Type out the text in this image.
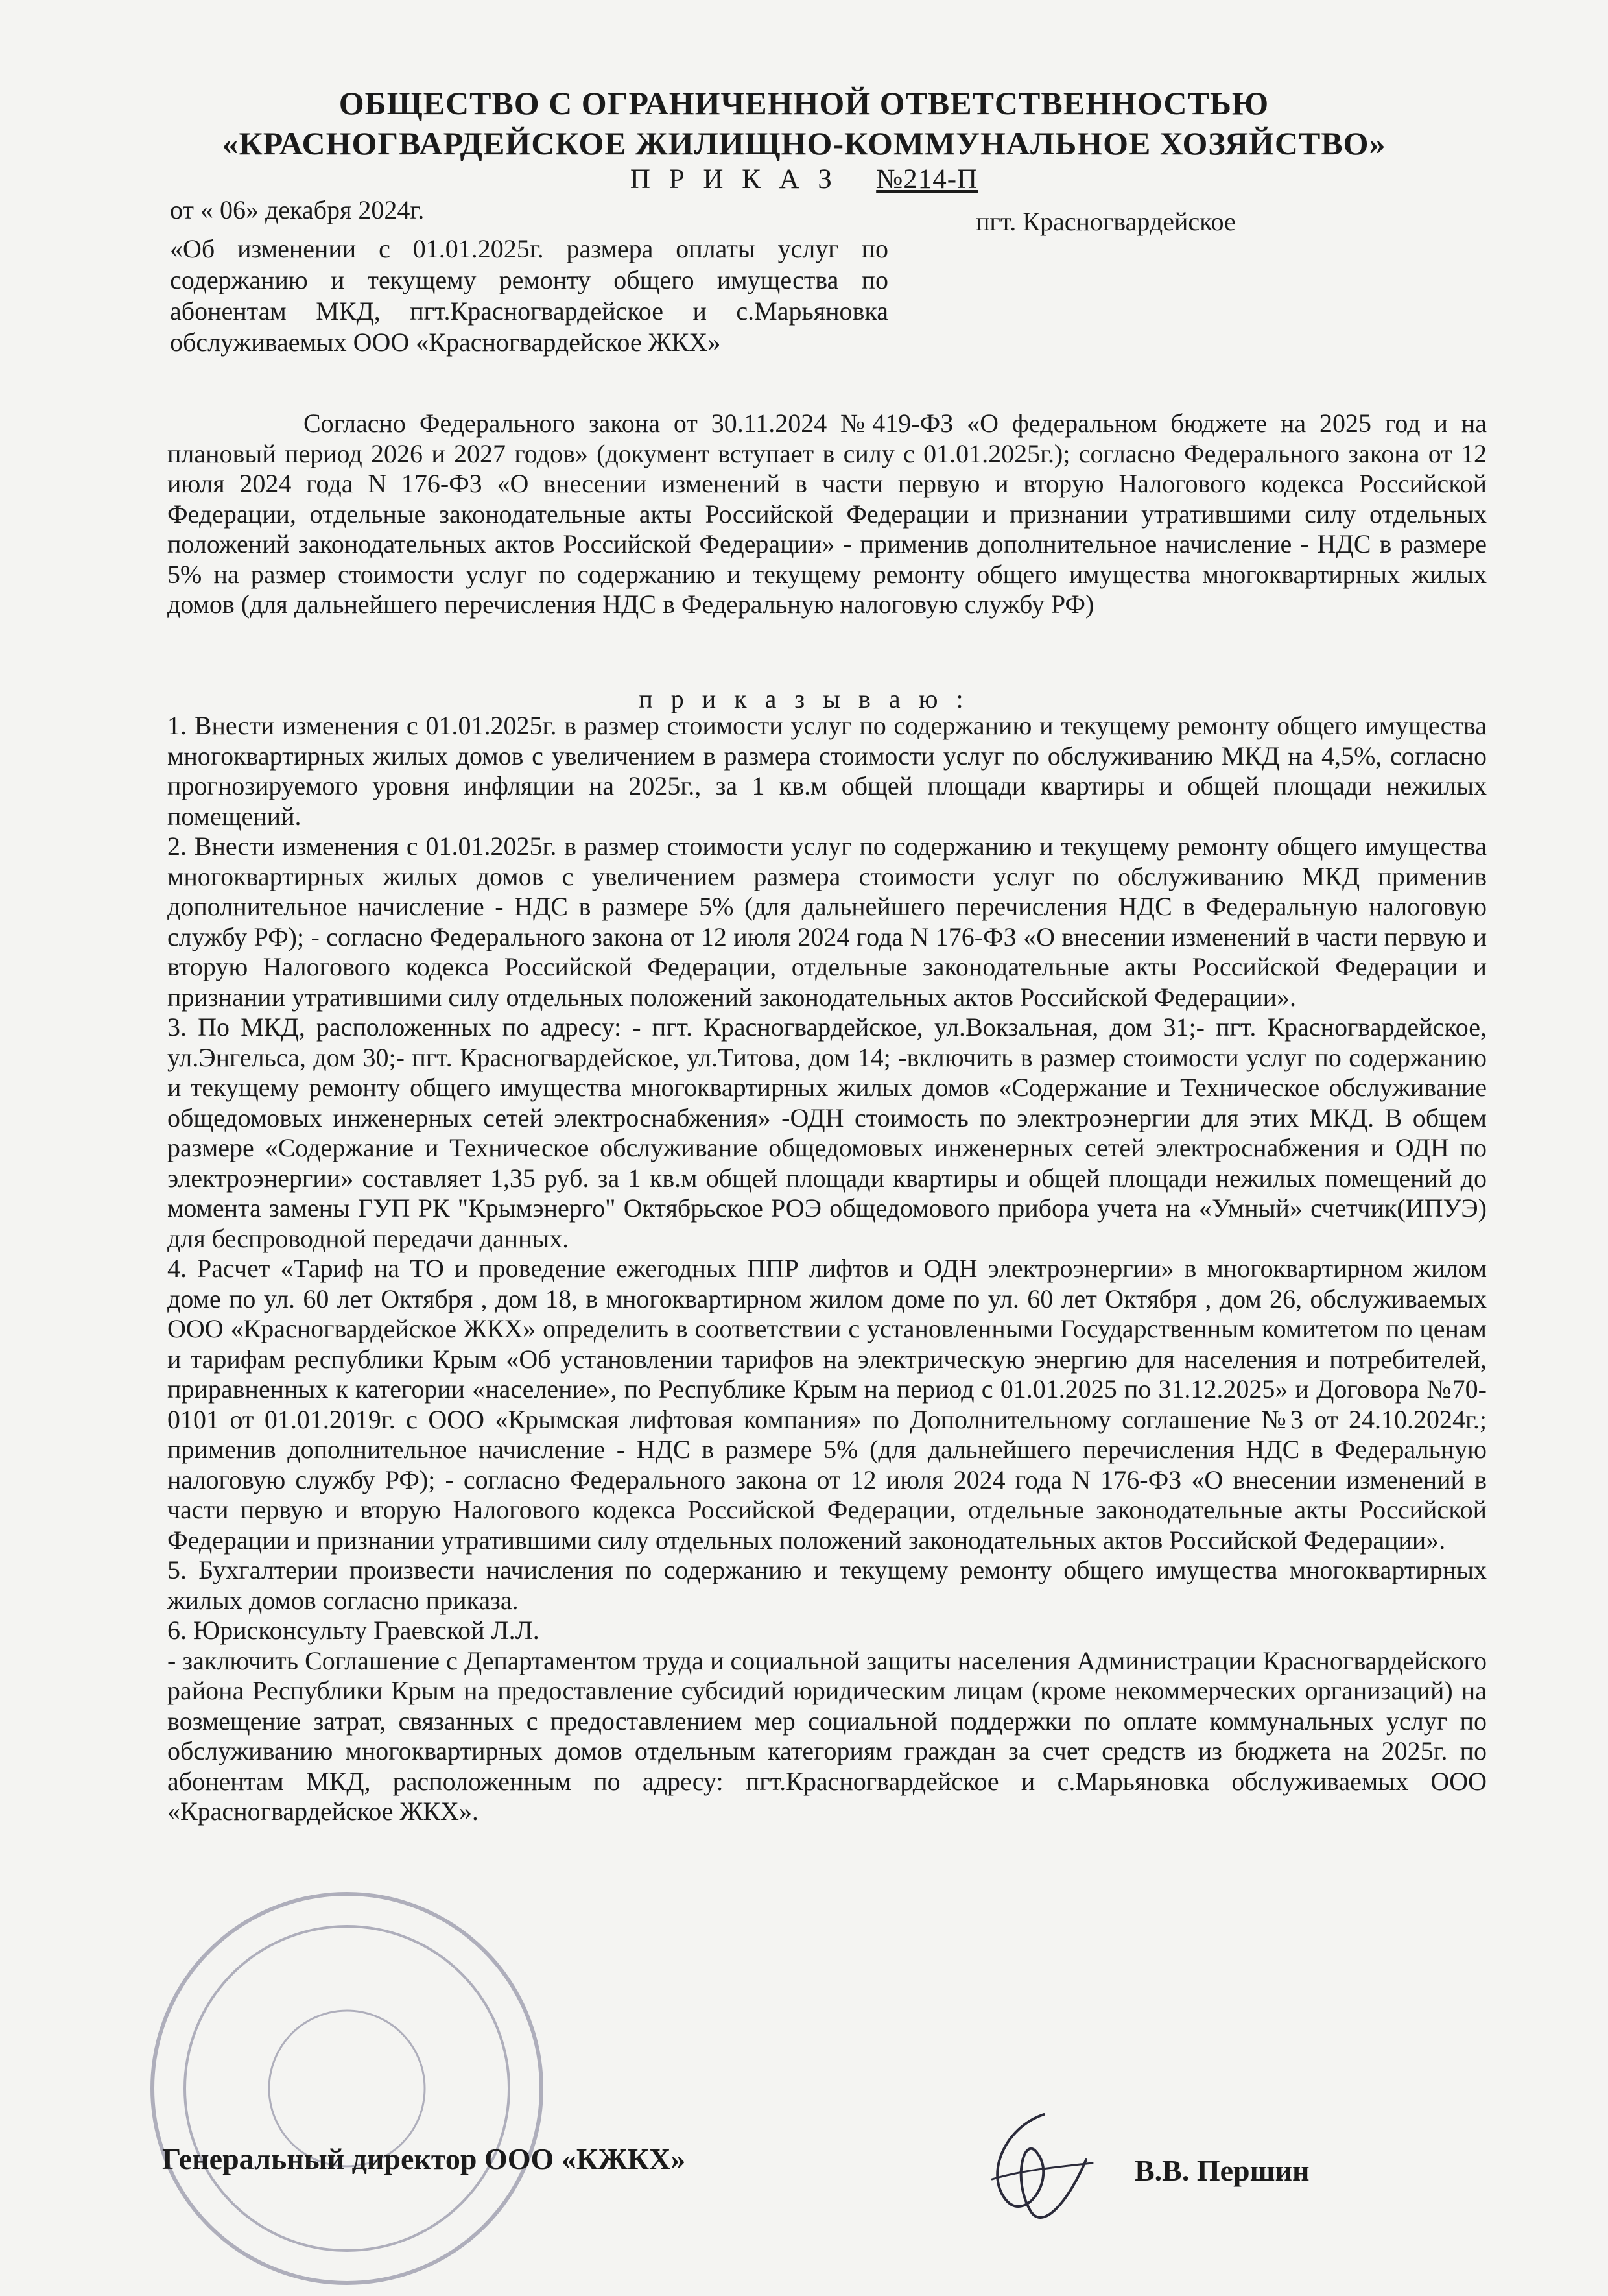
ОБЩЕСТВО С ОГРАНИЧЕННОЙ ОТВЕТСТВЕННОСТЬЮ
«КРАСНОГВАРДЕЙСКОЕ ЖИЛИЩНО-КОММУНАЛЬНОЕ ХОЗЯЙСТВО»
П Р И К А З №214-П
от « 06» декабря 2024г.	пгт. Красногвардейское
«Об изменении с 01.01.2025г. размера оплаты услуг по содержанию и текущему ремонту общего имущества по абонентам МКД, пгт.Красногвардейское и с.Марьяновка обслуживаемых ООО «Красногвардейское ЖКХ»
Согласно Федерального закона от 30.11.2024 №419-ФЗ «О федеральном бюджете на 2025 год и на плановый период 2026 и 2027 годов» (документ вступает в силу с 01.01.2025г.); согласно Федерального закона от 12 июля 2024 года N 176-ФЗ «О внесении изменений в части первую и вторую Налогового кодекса Российской Федерации, отдельные законодательные акты Российской Федерации и признании утратившими силу отдельных положений законодательных актов Российской Федерации» - применив дополнительное начисление - НДС в размере 5% на размер стоимости услуг по содержанию и текущему ремонту общего имущества многоквартирных жилых домов (для дальнейшего перечисления НДС в Федеральную налоговую службу РФ)
п р и к а з ы в а ю :

1. Внести изменения с 01.01.2025г. в размер стоимости услуг по содержанию и текущему ремонту общего имущества многоквартирных жилых домов с увеличением в размера стоимости услуг по обслуживанию МКД на 4,5%, согласно прогнозируемого уровня инфляции на 2025г., за 1 кв.м общей площади квартиры и общей площади нежилых помещений.

2. Внести изменения с 01.01.2025г. в размер стоимости услуг по содержанию и текущему ремонту общего имущества многоквартирных жилых домов с увеличением размера стоимости услуг по обслуживанию МКД применив дополнительное начисление - НДС в размере 5% (для дальнейшего перечисления НДС в Федеральную налоговую службу РФ); - согласно Федерального закона от 12 июля 2024 года N 176-ФЗ «О внесении изменений в части первую и вторую Налогового кодекса Российской Федерации, отдельные законодательные акты Российской Федерации и признании утратившими силу отдельных положений законодательных актов Российской Федерации».

3. По МКД, расположенных по адресу: - пгт. Красногвардейское, ул.Вокзальная, дом 31;- пгт. Красногвардейское, ул.Энгельса, дом 30;- пгт. Красногвардейское, ул.Титова, дом 14; -включить в размер стоимости услуг по содержанию и текущему ремонту общего имущества многоквартирных жилых домов «Содержание и Техническое обслуживание общедомовых инженерных сетей электроснабжения» -ОДН стоимость по электроэнергии для этих МКД. В общем размере «Содержание и Техническое обслуживание общедомовых инженерных сетей электроснабжения и ОДН по электроэнергии» составляет 1,35 руб. за 1 кв.м общей площади квартиры и общей площади нежилых помещений до момента замены ГУП РК "Крымэнерго" Октябрьское РОЭ общедомового прибора учета на «Умный» счетчик(ИПУЭ) для беспроводной передачи данных.

4. Расчет «Тариф на ТО и проведение ежегодных ППР лифтов и ОДН электроэнергии» в многоквартирном жилом доме по ул. 60 лет Октября , дом 18, в многоквартирном жилом доме по ул. 60 лет Октября , дом 26, обслуживаемых ООО «Красногвардейское ЖКХ» определить в соответствии с установленными Государственным комитетом по ценам и тарифам республики Крым «Об установлении тарифов на электрическую энергию для населения и потребителей, приравненных к категории «население», по Республике Крым на период с 01.01.2025 по 31.12.2025» и Договора №70-0101 от 01.01.2019г. с ООО «Крымская лифтовая компания» по Дополнительному соглашение №3 от 24.10.2024г.; применив дополнительное начисление - НДС в размере 5% (для дальнейшего перечисления НДС в Федеральную налоговую службу РФ); - согласно Федерального закона от 12 июля 2024 года N 176-ФЗ «О внесении изменений в части первую и вторую Налогового кодекса Российской Федерации, отдельные законодательные акты Российской Федерации и признании утратившими силу отдельных положений законодательных актов Российской Федерации».

5. Бухгалтерии произвести начисления по содержанию и текущему ремонту общего имущества многоквартирных жилых домов согласно приказа.

6. Юрисконсульту Граевской Л.Л.

- заключить Соглашение с Департаментом труда и социальной защиты населения Администрации Красногвардейского района Республики Крым на предоставление субсидий юридическим лицам (кроме некоммерческих организаций) на возмещение затрат, связанных с предоставлением мер социальной поддержки по оплате коммунальных услуг по обслуживанию многоквартирных домов отдельным категориям граждан за счет средств из бюджета на 2025г. по абонентам МКД, расположенным по адресу: пгт.Красногвардейское и с.Марьяновка обслуживаемых ООО «Красногвардейское ЖКХ».

Генеральный директор ООО «КЖКХ»	В.В. Першин
